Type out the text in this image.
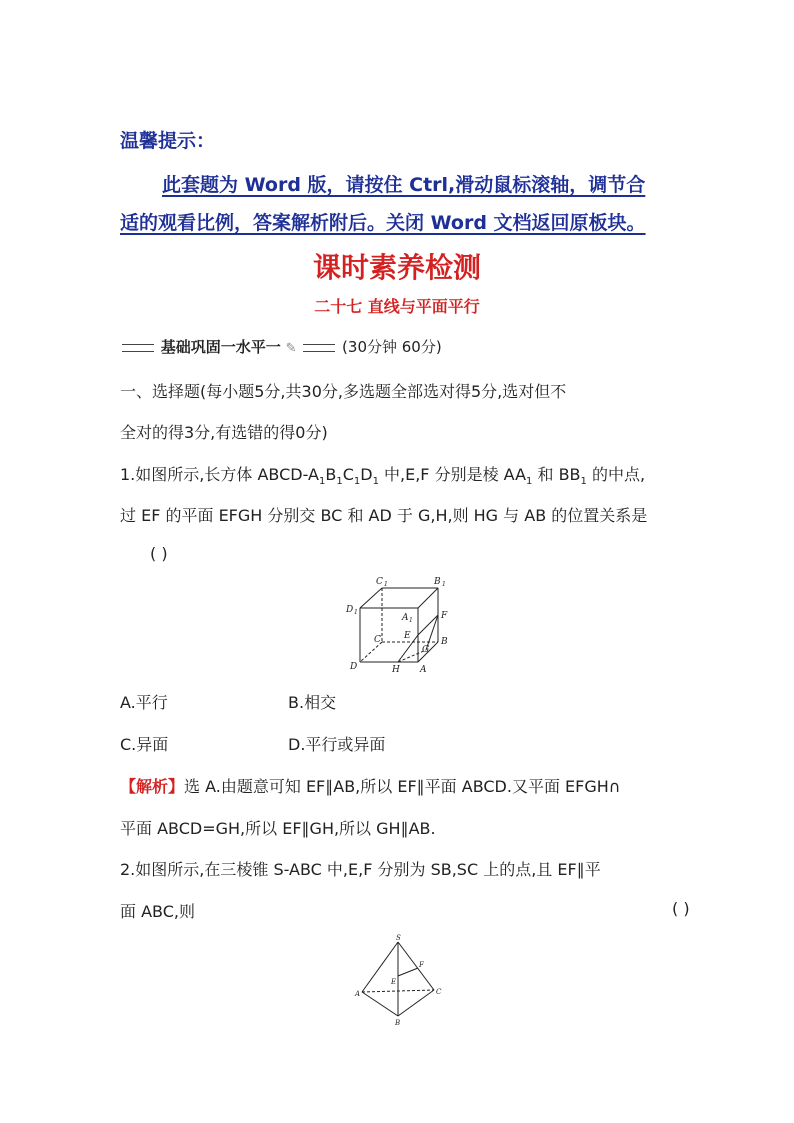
温馨提示：
此套题为 Word 版，请按住 Ctrl,滑动鼠标滚轴，调节合
适的观看比例，答案解析附后。关闭 Word 文档返回原板块。
课时素养检测
二十七 直线与平面平行
基础巩固一水平一 ✎	(30分钟 60分)
一、选择题(每小题5分,共30分,多选题全部选对得5分,选对但不
全对的得3分,有选错的得0分)
1.如图所示,长方体 ABCD-$A_1B_1C_1D_1$ 中,E,F 分别是棱 $AA_1$ 和 $BB_1$ 的中点,
过 EF 的平面 EFGH 分别交 BC 和 AD 于 G,H,则 HG 与 AB 的位置关系是
( )
C 1	B 1
D 1
A 1	F
C	E
B
G
D	H A
A.平行	B.相交
C.异面	D.平行或异面
【解析】选 A.由题意可知 EF∥AB,所以 EF∥平面 ABCD.又平面 EFGH∩
平面 ABCD=GH,所以 EF∥GH,所以 GH∥AB.
2.如图所示,在三棱锥 S-ABC 中,E,F 分别为 SB,SC 上的点,且 EF∥平
面 ABC,则	( )
S
F
E
A	C
B
